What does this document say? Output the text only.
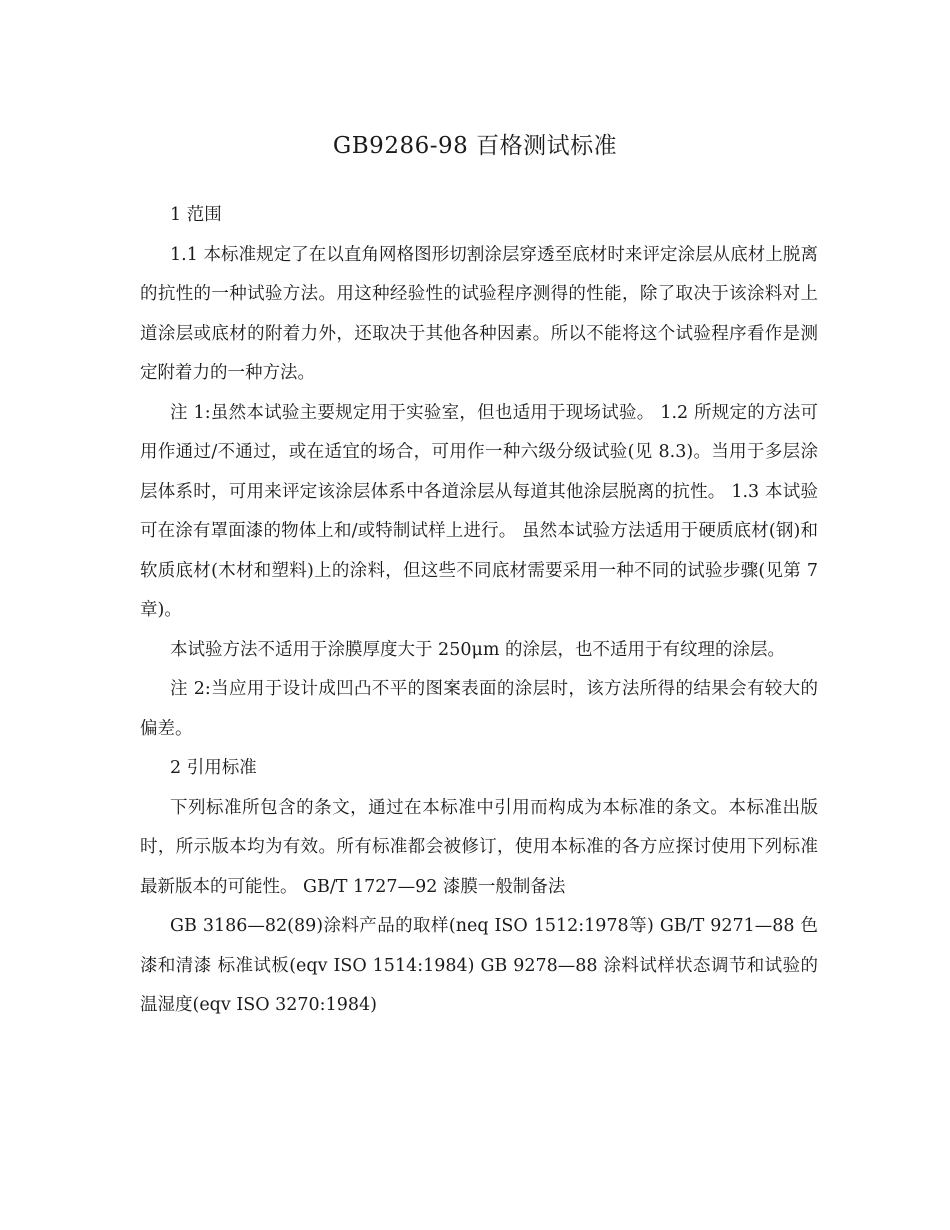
GB9286-98 百格测试标准

1 范围

1.1 本标准规定了在以直角网格图形切割涂层穿透至底材时来评定涂层从底材上脱离的抗性的一种试验方法。用这种经验性的试验程序测得的性能，除了取决于该涂料对上道涂层或底材的附着力外，还取决于其他各种因素。所以不能将这个试验程序看作是测定附着力的一种方法。

注 1:虽然本试验主要规定用于实验室，但也适用于现场试验。 1.2 所规定的方法可用作通过/不通过，或在适宜的场合，可用作一种六级分级试验(见 8.3)。当用于多层涂层体系时，可用来评定该涂层体系中各道涂层从每道其他涂层脱离的抗性。 1.3 本试验可在涂有罩面漆的物体上和/或特制试样上进行。 虽然本试验方法适用于硬质底材(钢)和软质底材(木材和塑料)上的涂料，但这些不同底材需要采用一种不同的试验步骤(见第 7 章)。

本试验方法不适用于涂膜厚度大于 250μm 的涂层，也不适用于有纹理的涂层。

注 2:当应用于设计成凹凸不平的图案表面的涂层时，该方法所得的结果会有较大的偏差。

2 引用标准

下列标准所包含的条文，通过在本标准中引用而构成为本标准的条文。本标准出版时，所示版本均为有效。所有标准都会被修订，使用本标准的各方应探讨使用下列标准最新版本的可能性。 GB/T 1727—92 漆膜一般制备法

GB 3186—82(89)涂料产品的取样(neq ISO 1512:1978等) GB/T 9271—88 色漆和清漆 标准试板(eqv ISO 1514:1984) GB 9278—88 涂料试样状态调节和试验的温湿度(eqv ISO 3270:1984)
